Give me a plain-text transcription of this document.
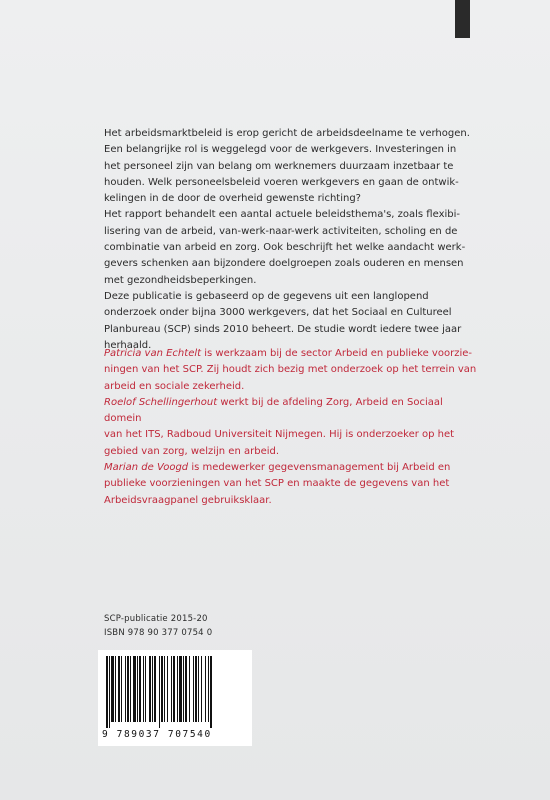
Het arbeidsmarktbeleid is erop gericht de arbeidsdeelname te verhogen.
Een belangrijke rol is weggelegd voor de werkgevers. Investeringen in
het personeel zijn van belang om werknemers duurzaam inzetbaar te
houden. Welk personeelsbeleid voeren werkgevers en gaan de ontwik-
kelingen in de door de overheid gewenste richting?

Het rapport behandelt een aantal actuele beleidsthema's, zoals flexibi-
lisering van de arbeid, van-werk-naar-werk activiteiten, scholing en de
combinatie van arbeid en zorg. Ook beschrijft het welke aandacht werk-
gevers schenken aan bijzondere doelgroepen zoals ouderen en mensen
met gezondheidsbeperkingen.

Deze publicatie is gebaseerd op de gegevens uit een langlopend
onderzoek onder bijna 3000 werkgevers, dat het Sociaal en Cultureel
Planbureau (SCP) sinds 2010 beheert. De studie wordt iedere twee jaar
herhaald.

Patricia van Echtelt is werkzaam bij de sector Arbeid en publieke voorzie-
ningen van het SCP. Zij houdt zich bezig met onderzoek op het terrein van
arbeid en sociale zekerheid.

Roelof Schellingerhout werkt bij de afdeling Zorg, Arbeid en Sociaal domein
van het ITS, Radboud Universiteit Nijmegen. Hij is onderzoeker op het
gebied van zorg, welzijn en arbeid.

Marian de Voogd is medewerker gegevensmanagement bij Arbeid en
publieke voorzieningen van het SCP en maakte de gegevens van het
Arbeidsvraagpanel gebruiksklaar.

SCP-publicatie 2015-20
ISBN 978 90 377 0754 0
9 789037 707540
